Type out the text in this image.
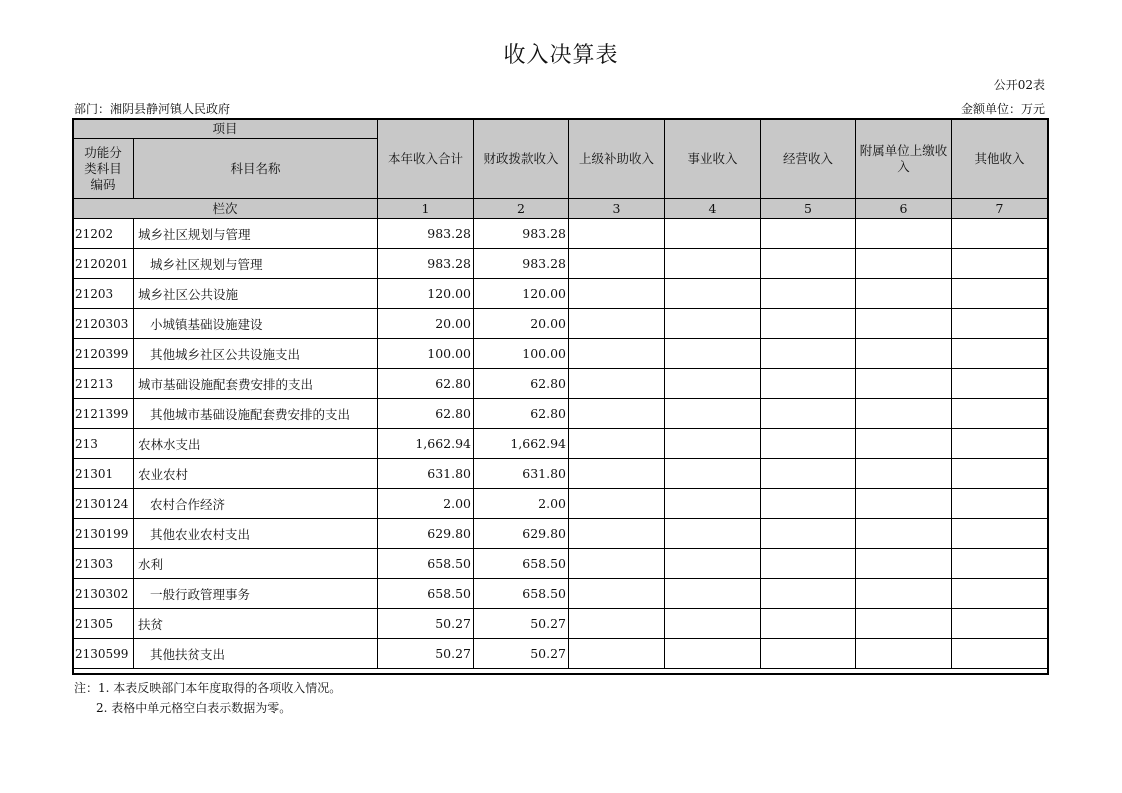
收入决算表
公开02表
部门：湘阴县静河镇人民政府	金额单位：万元
项目		本年收入合计	财政拨款收入	上级补助收入	事业收入	经营收入	附属单位上缴收入	其他收入
功能分类科目编码	科目名称							
栏次		1	2	3	4	5	6	7
21202	城乡社区规划与管理	983.28	983.28					
2120201	城乡社区规划与管理	983.28	983.28					
21203	城乡社区公共设施	120.00	120.00					
2120303	小城镇基础设施建设	20.00	20.00					
2120399	其他城乡社区公共设施支出	100.00	100.00					
21213	城市基础设施配套费安排的支出	62.80	62.80					
2121399	其他城市基础设施配套费安排的支出	62.80	62.80					
213	农林水支出	1,662.94	1,662.94					
21301	农业农村	631.80	631.80					
2130124	农村合作经济	2.00	2.00					
2130199	其他农业农村支出	629.80	629.80					
21303	水利	658.50	658.50					
2130302	一般行政管理事务	658.50	658.50					
21305	扶贫	50.27	50.27					
2130599	其他扶贫支出	50.27	50.27					
注：1. 本表反映部门本年度取得的各项收入情况。
2. 表格中单元格空白表示数据为零。
